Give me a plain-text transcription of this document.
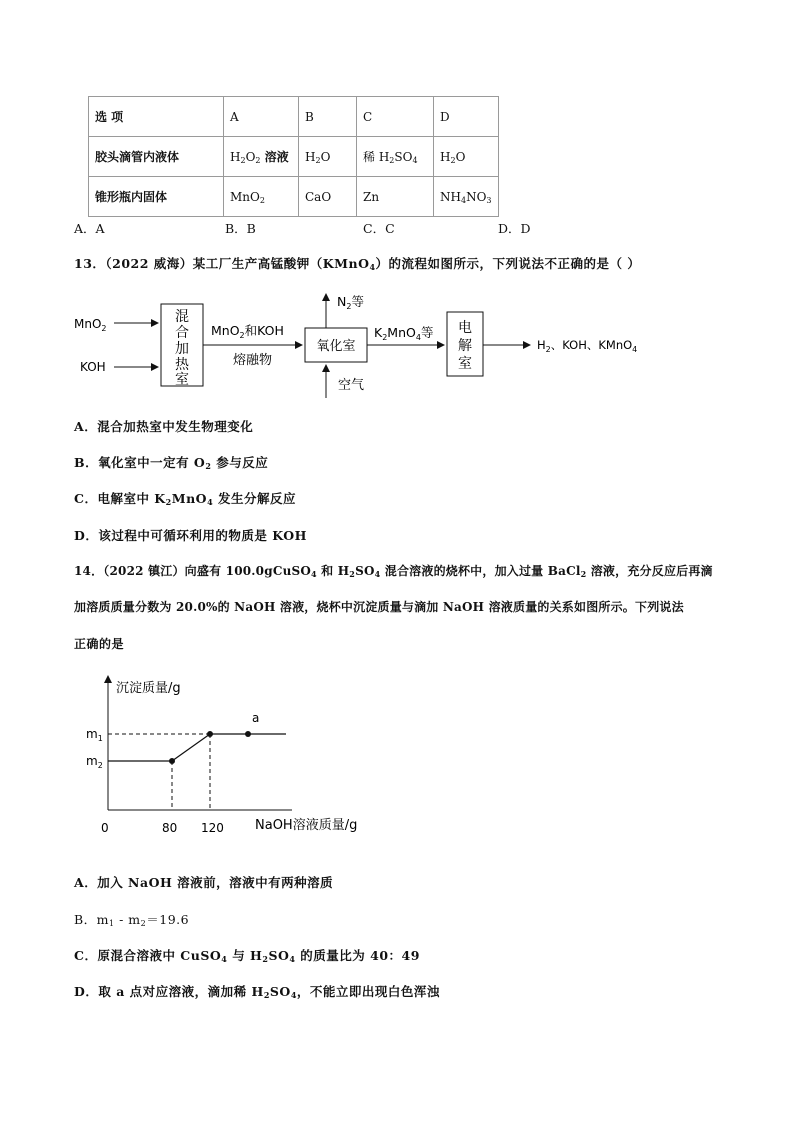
选 项	A	B	C	D
胶头滴管内液体	$H_2O_2$ 溶液	$H_2O$	稀 $H_2SO_4$	$H_2O$
锥形瓶内固体	MnO$_2$	CaO	Zn	$NH_4NO_3$
A．A	B．B	C．C	D．D
13．（2022 威海）某工厂生产高锰酸钾（KMnO$_4$）的流程如图所示，下列说法不正确的是（ ）
MnO$_2$
KOH
混
合
加
热
室
MnO$_2$和KOH
熔融物
氧化室
$N_2$等
空气
$K_2MnO_4$等 电
解
室
$H_2$、KOH、KMnO$_4$
A．混合加热室中发生物理变化
B．氧化室中一定有 $O_2$ 参与反应
C．电解室中 $K_2MnO_4$ 发生分解反应
D．该过程中可循环利用的物质是 KOH
14．（2022 镇江）向盛有 100.0gCuSO$_4$ 和 $H_2SO_4$ 混合溶液的烧杯中，加入过量 BaCl$_2$ 溶液，充分反应后再滴
加溶质质量分数为 20.0%的 NaOH 溶液，烧杯中沉淀质量与滴加 NaOH 溶液质量的关系如图所示。下列说法
正确的是
沉淀质量/g
NaOH溶液质量/g
0	80 120
$m_1$
$m_2$
a
A．加入 NaOH 溶液前，溶液中有两种溶质
B．$m_1 - m_2=19.6$
C．原混合溶液中 CuSO$_4$ 与 $H_2SO_4$ 的质量比为 40：49
D．取 a 点对应溶液，滴加稀 $H_2SO_4$，不能立即出现白色浑浊
